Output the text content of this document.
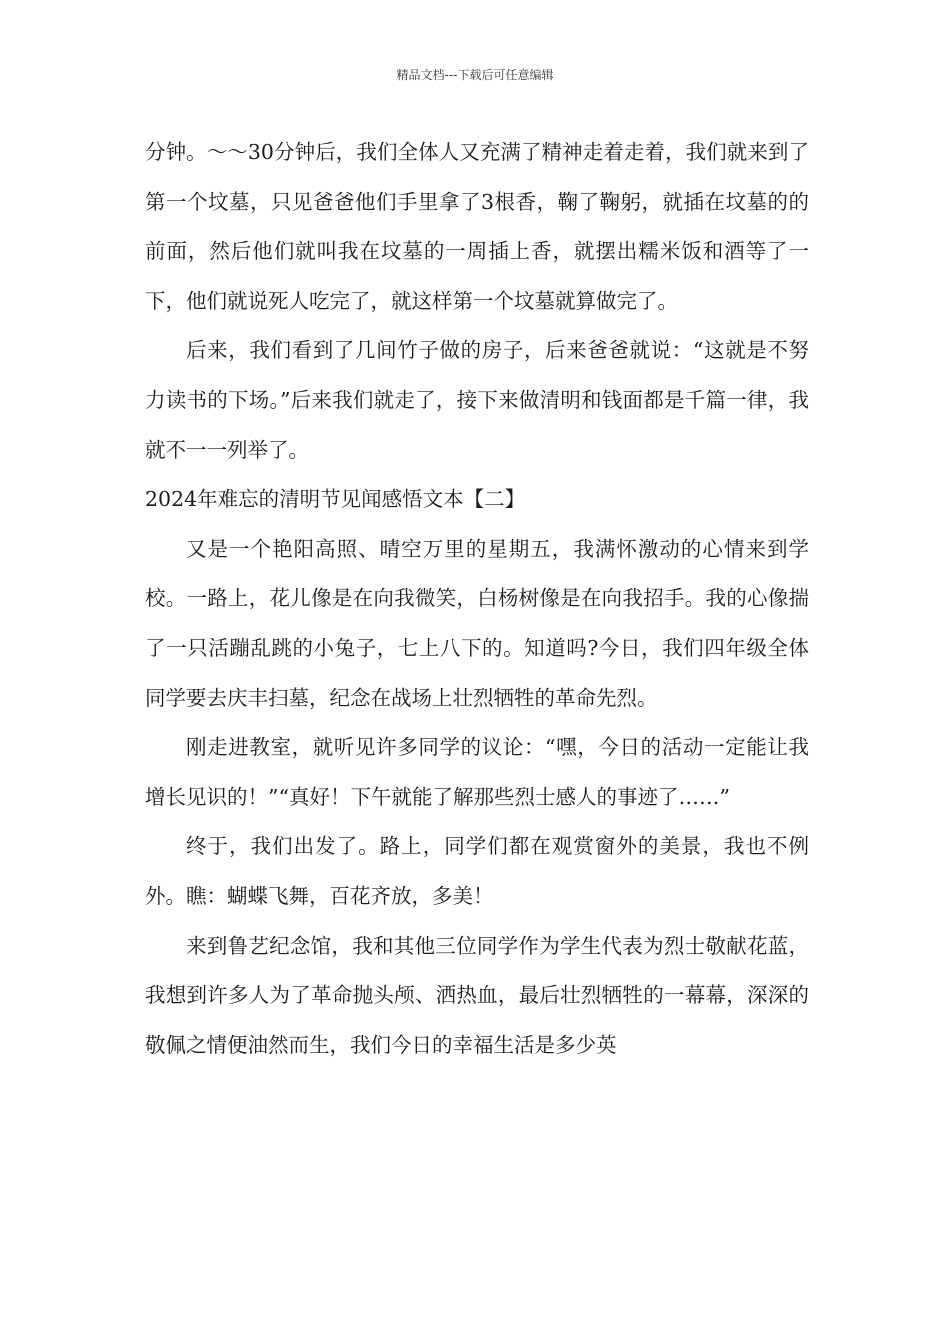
精品文档---下载后可任意编辑

分钟。～～30分钟后，我们全体人又充满了精神走着走着，我们就来到了第一个坟墓，只见爸爸他们手里拿了3根香，鞠了鞠躬，就插在坟墓的的前面，然后他们就叫我在坟墓的一周插上香，就摆出糯米饭和酒等了一下，他们就说死人吃完了，就这样第一个坟墓就算做完了。

后来，我们看到了几间竹子做的房子，后来爸爸就说：“这就是不努力读书的下场。”后来我们就走了，接下来做清明和钱面都是千篇一律，我就不一一列举了。

2024年难忘的清明节见闻感悟文本【二】

又是一个艳阳高照、晴空万里的星期五，我满怀激动的心情来到学校。一路上，花儿像是在向我微笑，白杨树像是在向我招手。我的心像揣了一只活蹦乱跳的小兔子，七上八下的。知道吗?今日，我们四年级全体同学要去庆丰扫墓，纪念在战场上壮烈牺牲的革命先烈。

刚走进教室，就听见许多同学的议论：“嘿，今日的活动一定能让我增长见识的！”“真好！下午就能了解那些烈士感人的事迹了……”

终于，我们出发了。路上，同学们都在观赏窗外的美景，我也不例外。瞧：蝴蝶飞舞，百花齐放，多美！

来到鲁艺纪念馆，我和其他三位同学作为学生代表为烈士敬献花蓝，我想到许多人为了革命抛头颅、洒热血，最后壮烈牺牲的一幕幕，深深的敬佩之情便油然而生，我们今日的幸福生活是多少英
